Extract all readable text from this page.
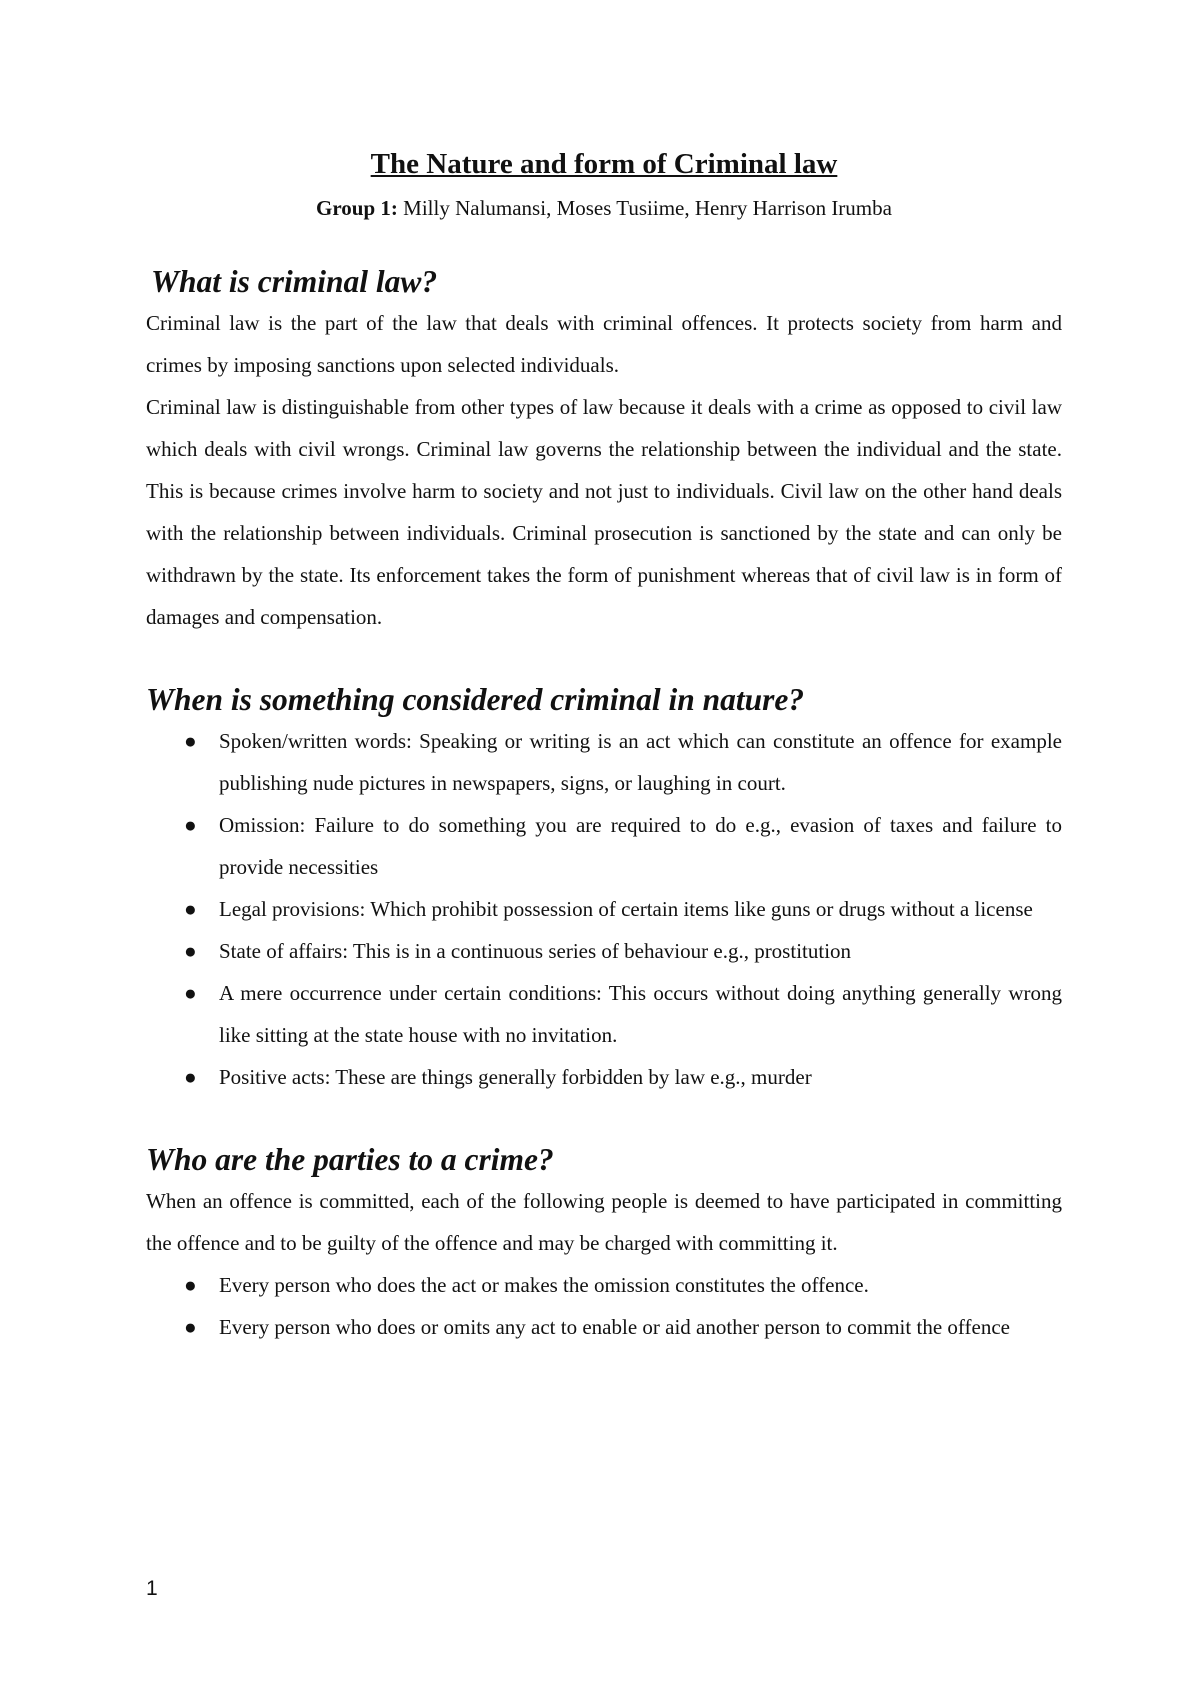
The Nature and form of Criminal law

Group 1: Milly Nalumansi, Moses Tusiime, Henry Harrison Irumba

What is criminal law?

Criminal law is the part of the law that deals with criminal offences. It protects society from harm and crimes by imposing sanctions upon selected individuals.

Criminal law is distinguishable from other types of law because it deals with a crime as opposed to civil law which deals with civil wrongs. Criminal law governs the relationship between the individual and the state. This is because crimes involve harm to society and not just to individuals. Civil law on the other hand deals with the relationship between individuals. Criminal prosecution is sanctioned by the state and can only be withdrawn by the state. Its enforcement takes the form of punishment whereas that of civil law is in form of damages and compensation.

When is something considered criminal in nature?
● Spoken/written words: Speaking or writing is an act which can constitute an offence for example publishing nude pictures in newspapers, signs, or laughing in court.
● Omission: Failure to do something you are required to do e.g., evasion of taxes and failure to provide necessities
● Legal provisions: Which prohibit possession of certain items like guns or drugs without a license
● State of affairs: This is in a continuous series of behaviour e.g., prostitution
● A mere occurrence under certain conditions: This occurs without doing anything generally wrong like sitting at the state house with no invitation.
● Positive acts: These are things generally forbidden by law e.g., murder
Who are the parties to a crime?

When an offence is committed, each of the following people is deemed to have participated in committing the offence and to be guilty of the offence and may be charged with committing it.

● Every person who does the act or makes the omission constitutes the offence.
● Every person who does or omits any act to enable or aid another person to commit the offence
1
